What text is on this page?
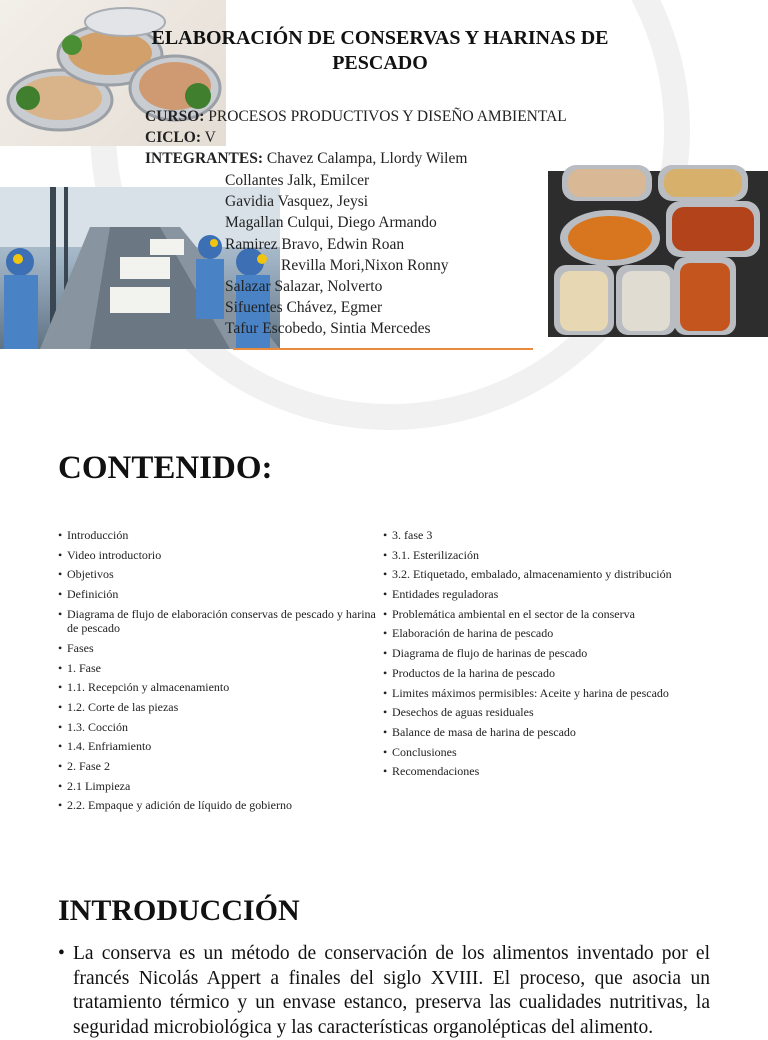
ELABORACIÓN DE CONSERVAS Y HARINAS DE PESCADO
CURSO: PROCESOS PRODUCTIVOS Y DISEÑO AMBIENTAL
CICLO: V
INTEGRANTES: Chavez Calampa, Llordy Wilem
Collantes Jalk, Emilcer
Gavidia Vasquez, Jeysi
Magallan Culqui, Diego Armando
Ramirez Bravo, Edwin Roan
Revilla Mori,Nixon Ronny
Salazar Salazar, Nolverto
Sifuentes Chávez, Egmer
Tafur Escobedo, Sintia Mercedes
CONTENIDO:
• Introducción
• Video introductorio
• Objetivos
• Definición
• Diagrama de flujo de elaboración conservas de pescado y harina de pescado
• Fases
• 1. Fase
• 1.1. Recepción y almacenamiento
• 1.2. Corte de las piezas
• 1.3. Cocción
• 1.4. Enfriamiento
• 2. Fase 2
• 2.1 Limpieza
• 2.2. Empaque y adición de líquido de gobierno
• 3. fase 3
• 3.1. Esterilización
• 3.2. Etiquetado, embalado, almacenamiento y distribución
• Entidades reguladoras
• Problemática ambiental en el sector de la conserva
• Elaboración de harina de pescado
• Diagrama de flujo de harinas de pescado
• Productos de la harina de pescado
• Limites máximos permisibles: Aceite y harina de pescado
• Desechos de aguas residuales
• Balance de masa de harina de pescado
• Conclusiones
• Recomendaciones
INTRODUCCIÓN

• La conserva es un método de conservación de los alimentos inventado por el francés Nicolás Appert a finales del siglo XVIII. El proceso, que asocia un tratamiento térmico y un envase estanco, preserva las cualidades nutritivas, la seguridad microbiológica y las características organolépticas del alimento.
